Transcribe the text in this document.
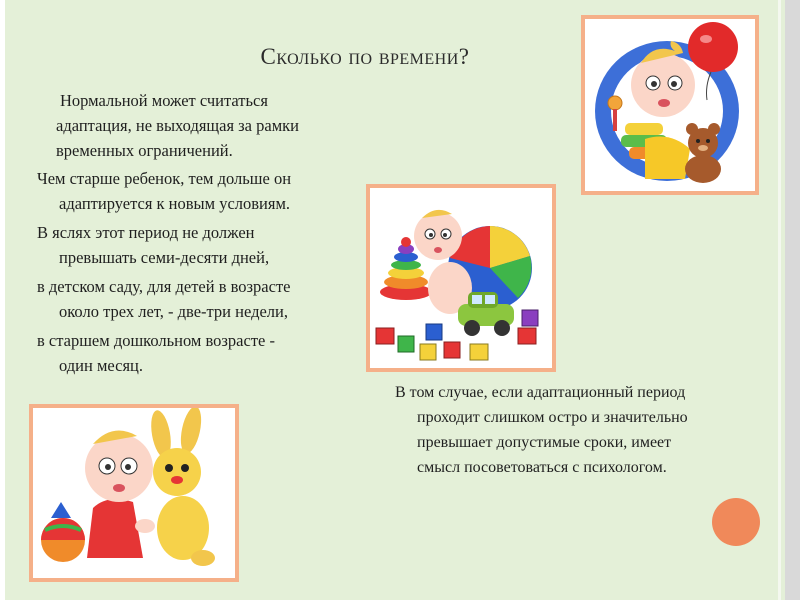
Сколько по времени?

Нормальной может считаться
адаптация, не выходящая за рамки
временных ограничений.

Чем старше ребенок, тем дольше он
адаптируется к новым условиям.

В яслях этот период не должен
превышать семи-десяти дней,

в детском саду, для детей в возрасте
около трех лет, - две-три недели,

в старшем дошкольном возрасте -
один месяц.

В том случае, если адаптационный период
проходит слишком остро и значительно
превышает допустимые сроки, имеет
смысл посоветоваться с психологом.
